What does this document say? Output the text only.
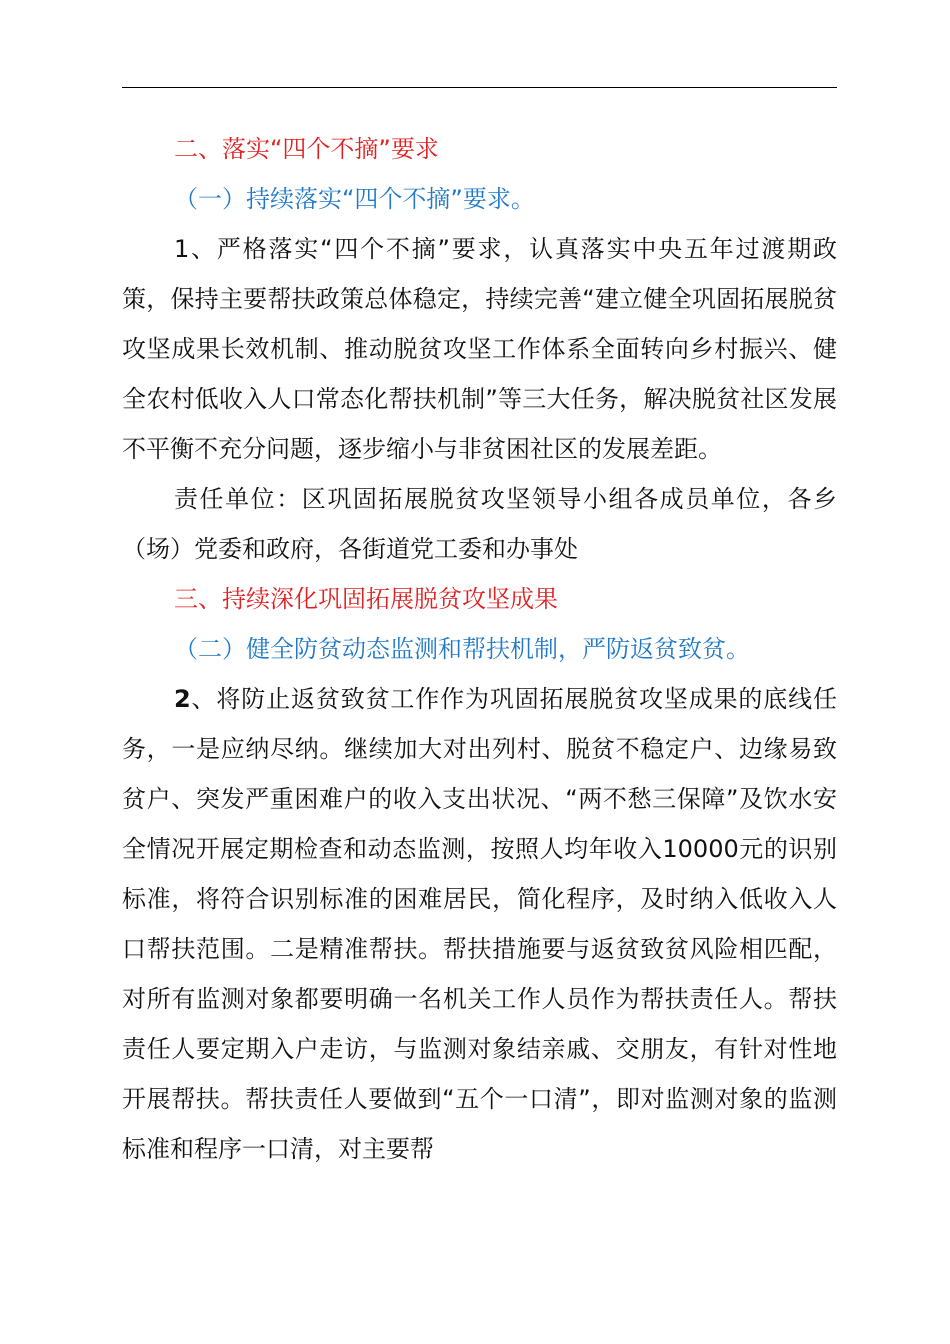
二、落实“四个不摘”要求

（一）持续落实“四个不摘”要求。

1、严格落实“四个不摘”要求，认真落实中央五年过渡期政策，保持主要帮扶政策总体稳定，持续完善“建立健全巩固拓展脱贫攻坚成果长效机制、推动脱贫攻坚工作体系全面转向乡村振兴、健全农村低收入人口常态化帮扶机制”等三大任务，解决脱贫社区发展不平衡不充分问题，逐步缩小与非贫困社区的发展差距。

责任单位：区巩固拓展脱贫攻坚领导小组各成员单位，各乡（场）党委和政府，各街道党工委和办事处

三、持续深化巩固拓展脱贫攻坚成果

（二）健全防贫动态监测和帮扶机制，严防返贫致贫。

2、将防止返贫致贫工作作为巩固拓展脱贫攻坚成果的底线任务，一是应纳尽纳。继续加大对出列村、脱贫不稳定户、边缘易致贫户、突发严重困难户的收入支出状况、“两不愁三保障”及饮水安全情况开展定期检查和动态监测，按照人均年收入10000元的识别标准，将符合识别标准的困难居民，简化程序，及时纳入低收入人口帮扶范围。二是精准帮扶。帮扶措施要与返贫致贫风险相匹配，对所有监测对象都要明确一名机关工作人员作为帮扶责任人。帮扶责任人要定期入户走访，与监测对象结亲戚、交朋友，有针对性地开展帮扶。帮扶责任人要做到“五个一口清”，即对监测对象的监测标准和程序一口清，对主要帮
